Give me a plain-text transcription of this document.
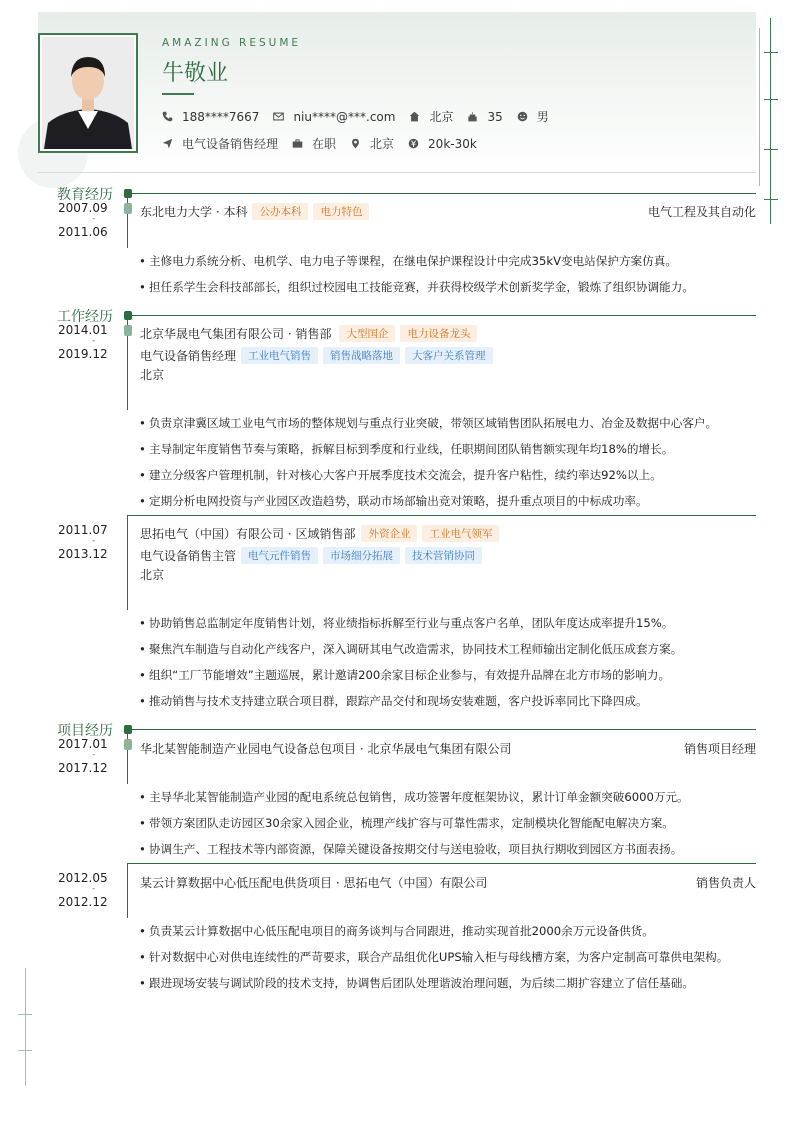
AMAZING RESUME
牛敬业
188****7667	niu****@***.com	北京	35	男
电气设备销售经理	在职	北京	20k-30k
教育经历
2007.09
-
2011.06
东北电力大学 · 本科	公办本科	电力特色	电气工程及其自动化
• 主修电力系统分析、电机学、电力电子等课程，在继电保护课程设计中完成35kV变电站保护方案仿真。
• 担任系学生会科技部部长，组织过校园电工技能竞赛，并获得校级学术创新奖学金，锻炼了组织协调能力。
工作经历
2014.01
-
2019.12
北京华晟电气集团有限公司 · 销售部	大型国企	电力设备龙头
电气设备销售经理	工业电气销售	销售战略落地	大客户关系管理
北京
• 负责京津冀区域工业电气市场的整体规划与重点行业突破，带领区域销售团队拓展电力、冶金及数据中心客户。
• 主导制定年度销售节奏与策略，拆解目标到季度和行业线，任职期间团队销售额实现年均18%的增长。
• 建立分级客户管理机制，针对核心大客户开展季度技术交流会，提升客户粘性，续约率达92%以上。
• 定期分析电网投资与产业园区改造趋势，联动市场部输出竞对策略，提升重点项目的中标成功率。
2011.07
-
2013.12
思拓电气（中国）有限公司 · 区域销售部	外资企业	工业电气领军
电气设备销售主管	电气元件销售	市场细分拓展	技术营销协同
北京
• 协助销售总监制定年度销售计划，将业绩指标拆解至行业与重点客户名单，团队年度达成率提升15%。
• 聚焦汽车制造与自动化产线客户，深入调研其电气改造需求，协同技术工程师输出定制化低压成套方案。
• 组织“工厂节能增效”主题巡展，累计邀请200余家目标企业参与，有效提升品牌在北方市场的影响力。
• 推动销售与技术支持建立联合项目群，跟踪产品交付和现场安装难题，客户投诉率同比下降四成。
项目经历
2017.01
-
2017.12
华北某智能制造产业园电气设备总包项目 · 北京华晟电气集团有限公司	销售项目经理
• 主导华北某智能制造产业园的配电系统总包销售，成功签署年度框架协议，累计订单金额突破6000万元。
• 带领方案团队走访园区30余家入园企业，梳理产线扩容与可靠性需求，定制模块化智能配电解决方案。
• 协调生产、工程技术等内部资源，保障关键设备按期交付与送电验收，项目执行期收到园区方书面表扬。
2012.05
-
2012.12
某云计算数据中心低压配电供货项目 · 思拓电气（中国）有限公司	销售负责人
• 负责某云计算数据中心低压配电项目的商务谈判与合同跟进，推动实现首批2000余万元设备供货。
• 针对数据中心对供电连续性的严苛要求，联合产品组优化UPS输入柜与母线槽方案，为客户定制高可靠供电架构。
• 跟进现场安装与调试阶段的技术支持，协调售后团队处理谐波治理问题，为后续二期扩容建立了信任基础。
